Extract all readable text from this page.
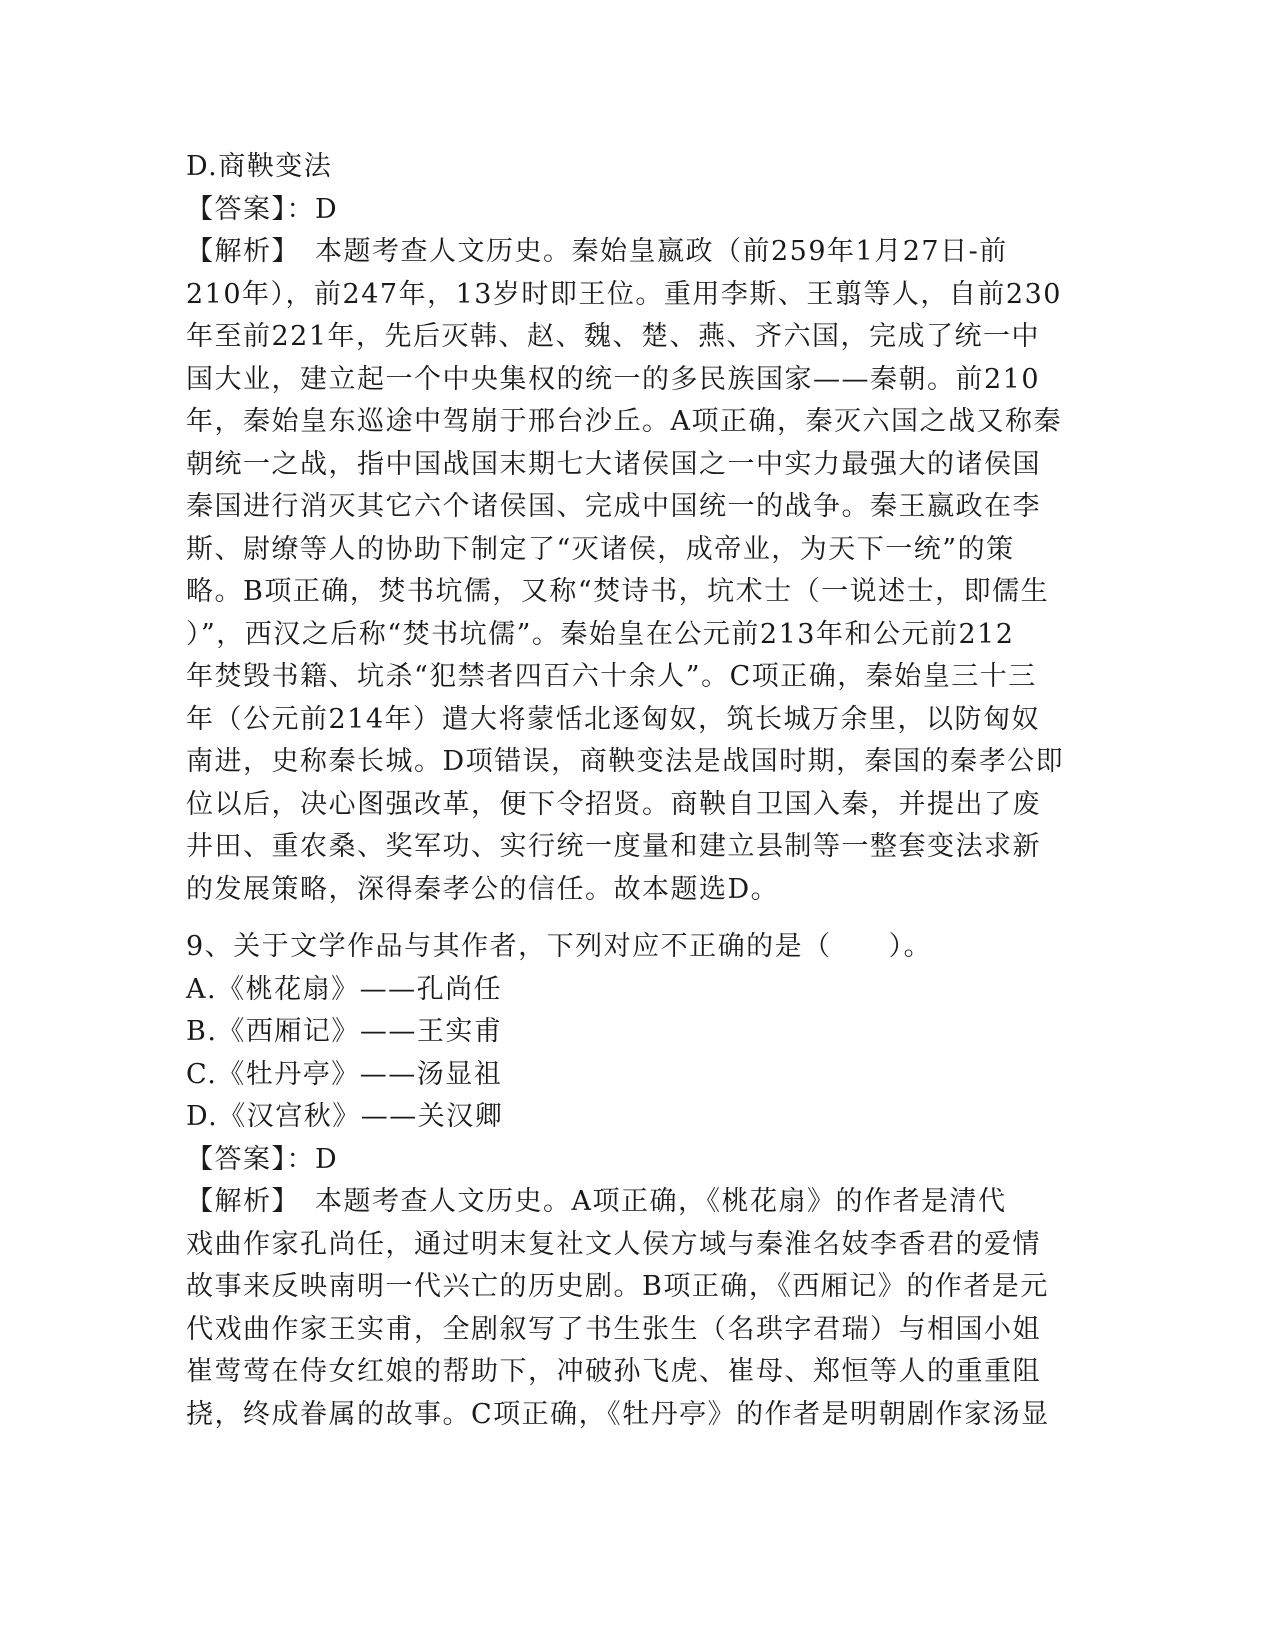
D.商鞅变法
【答案】：D
【解析】　本题考查人文历史。秦始皇嬴政（前259年1月27日-前
210年），前247年，13岁时即王位。重用李斯、王翦等人，自前230
年至前221年，先后灭韩、赵、魏、楚、燕、齐六国，完成了统一中
国大业，建立起一个中央集权的统一的多民族国家——秦朝。前210
年，秦始皇东巡途中驾崩于邢台沙丘。A项正确，秦灭六国之战又称秦
朝统一之战，指中国战国末期七大诸侯国之一中实力最强大的诸侯国
秦国进行消灭其它六个诸侯国、完成中国统一的战争。秦王嬴政在李
斯、尉缭等人的协助下制定了“灭诸侯，成帝业，为天下一统”的策
略。B项正确，焚书坑儒，又称“焚诗书，坑术士（一说述士，即儒生
）”，西汉之后称“焚书坑儒”。秦始皇在公元前213年和公元前212
年焚毁书籍、坑杀“犯禁者四百六十余人”。C项正确，秦始皇三十三
年（公元前214年）遣大将蒙恬北逐匈奴，筑长城万余里，以防匈奴
南进，史称秦长城。D项错误，商鞅变法是战国时期，秦国的秦孝公即
位以后，决心图强改革，便下令招贤。商鞅自卫国入秦，并提出了废
井田、重农桑、奖军功、实行统一度量和建立县制等一整套变法求新
的发展策略，深得秦孝公的信任。故本题选D。
9、关于文学作品与其作者，下列对应不正确的是（　　）。
A.《桃花扇》——孔尚任
B.《西厢记》——王实甫
C.《牡丹亭》——汤显祖
D.《汉宫秋》——关汉卿
【答案】：D
【解析】　本题考查人文历史。A项正确，《桃花扇》的作者是清代
戏曲作家孔尚任，通过明末复社文人侯方域与秦淮名妓李香君的爱情
故事来反映南明一代兴亡的历史剧。B项正确，《西厢记》的作者是元
代戏曲作家王实甫，全剧叙写了书生张生（名珙字君瑞）与相国小姐
崔莺莺在侍女红娘的帮助下，冲破孙飞虎、崔母、郑恒等人的重重阻
挠，终成眷属的故事。C项正确，《牡丹亭》的作者是明朝剧作家汤显
